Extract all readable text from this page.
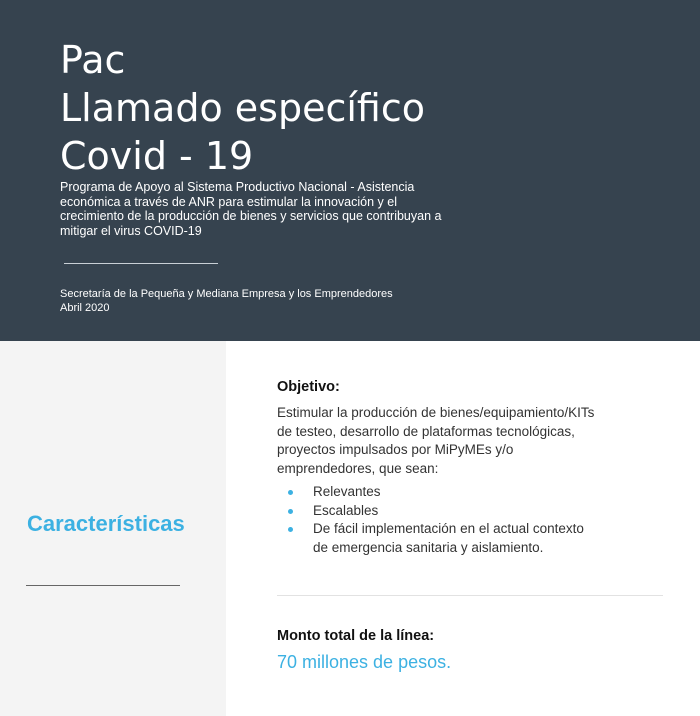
Pac
Llamado específico
Covid - 19

Programa de Apoyo al Sistema Productivo Nacional - Asistencia económica a través de ANR para estimular la innovación y el crecimiento de la producción de bienes y servicios que contribuyan a mitigar el virus COVID-19

Secretaría de la Pequeña y Mediana Empresa y los Emprendedores

Abril 2020

Características
Objetivo:

Estimular la producción de bienes/equipamiento/KITs de testeo, desarrollo de plataformas tecnológicas, proyectos impulsados por MiPyMEs y/o emprendedores, que sean:

Relevantes
Escalables
De fácil implementación en el actual contexto de emergencia sanitaria y aislamiento.
Monto total de la línea:

70 millones de pesos.
